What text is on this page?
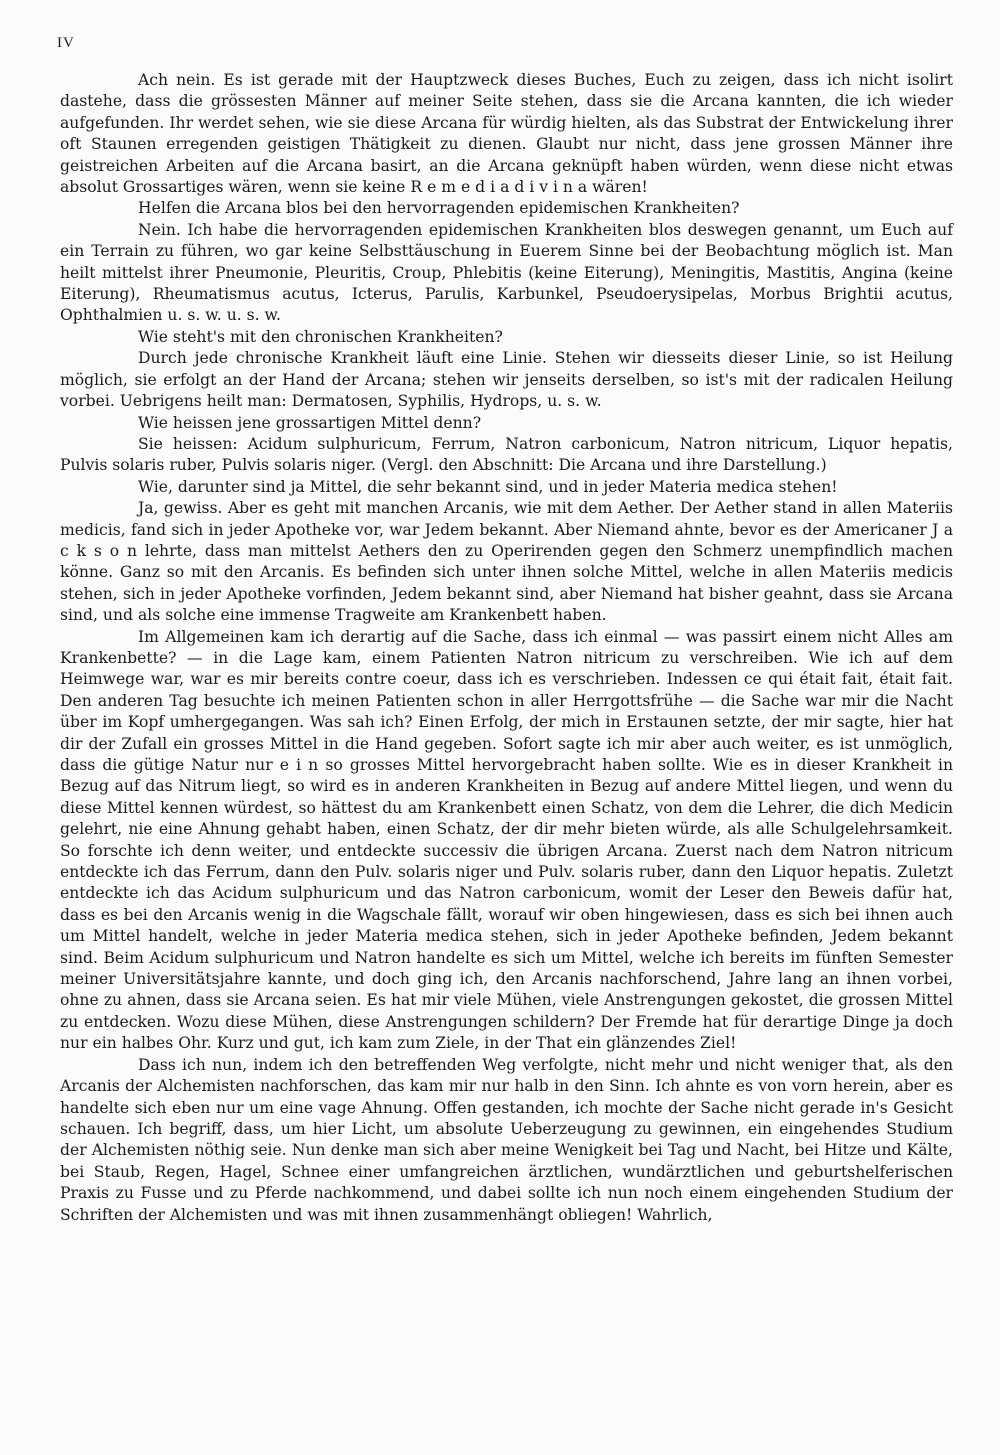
IV

Ach nein. Es ist gerade mit der Hauptzweck dieses Buches, Euch zu zeigen, dass ich nicht isolirt dastehe, dass die grössesten Männer auf meiner Seite stehen, dass sie die Arcana kannten, die ich wieder aufgefunden. Ihr werdet sehen, wie sie diese Arcana für würdig hielten, als das Substrat der Entwickelung ihrer oft Staunen erregenden geistigen Thätigkeit zu dienen. Glaubt nur nicht, dass jene grossen Männer ihre geistreichen Arbeiten auf die Arcana basirt, an die Arcana geknüpft haben würden, wenn diese nicht etwas absolut Grossartiges wären, wenn sie keine R e m e d i a d i v i n a wären!

Helfen die Arcana blos bei den hervorragenden epidemischen Krankheiten?

Nein. Ich habe die hervorragenden epidemischen Krankheiten blos deswegen genannt, um Euch auf ein Terrain zu führen, wo gar keine Selbsttäuschung in Euerem Sinne bei der Beobachtung möglich ist. Man heilt mittelst ihrer Pneumonie, Pleuritis, Croup, Phlebitis (keine Eiterung), Meningitis, Mastitis, Angina (keine Eiterung), Rheumatismus acutus, Icterus, Parulis, Karbunkel, Pseudoerysipelas, Morbus Brightii acutus, Ophthalmien u. s. w. u. s. w.

Wie steht's mit den chronischen Krankheiten?

Durch jede chronische Krankheit läuft eine Linie. Stehen wir diesseits dieser Linie, so ist Heilung möglich, sie erfolgt an der Hand der Arcana; stehen wir jenseits derselben, so ist's mit der radicalen Heilung vorbei. Uebrigens heilt man: Dermatosen, Syphilis, Hydrops, u. s. w.

Wie heissen jene grossartigen Mittel denn?

Sie heissen: Acidum sulphuricum, Ferrum, Natron carbonicum, Natron nitricum, Liquor hepatis, Pulvis solaris ruber, Pulvis solaris niger. (Vergl. den Abschnitt: Die Arcana und ihre Darstellung.)

Wie, darunter sind ja Mittel, die sehr bekannt sind, und in jeder Materia medica stehen!

Ja, gewiss. Aber es geht mit manchen Arcanis, wie mit dem Aether. Der Aether stand in allen Materiis medicis, fand sich in jeder Apotheke vor, war Jedem bekannt. Aber Niemand ahnte, bevor es der Americaner J a c k s o n lehrte, dass man mittelst Aethers den zu Operirenden gegen den Schmerz unempfindlich machen könne. Ganz so mit den Arcanis. Es befinden sich unter ihnen solche Mittel, welche in allen Materiis medicis stehen, sich in jeder Apotheke vorfinden, Jedem bekannt sind, aber Niemand hat bisher geahnt, dass sie Arcana sind, und als solche eine immense Tragweite am Krankenbett haben.

Im Allgemeinen kam ich derartig auf die Sache, dass ich einmal — was passirt einem nicht Alles am Krankenbette? — in die Lage kam, einem Patienten Natron nitricum zu verschreiben. Wie ich auf dem Heimwege war, war es mir bereits contre coeur, dass ich es verschrieben. Indessen ce qui était fait, était fait. Den anderen Tag besuchte ich meinen Patienten schon in aller Herrgottsfrühe — die Sache war mir die Nacht über im Kopf umhergegangen. Was sah ich? Einen Erfolg, der mich in Erstaunen setzte, der mir sagte, hier hat dir der Zufall ein grosses Mittel in die Hand gegeben. Sofort sagte ich mir aber auch weiter, es ist unmöglich, dass die gütige Natur nur e i n so grosses Mittel hervorgebracht haben sollte. Wie es in dieser Krankheit in Bezug auf das Nitrum liegt, so wird es in anderen Krankheiten in Bezug auf andere Mittel liegen, und wenn du diese Mittel kennen würdest, so hättest du am Krankenbett einen Schatz, von dem die Lehrer, die dich Medicin gelehrt, nie eine Ahnung gehabt haben, einen Schatz, der dir mehr bieten würde, als alle Schulgelehrsamkeit. So forschte ich denn weiter, und entdeckte successiv die übrigen Arcana. Zuerst nach dem Natron nitricum entdeckte ich das Ferrum, dann den Pulv. solaris niger und Pulv. solaris ruber, dann den Liquor hepatis. Zuletzt entdeckte ich das Acidum sulphuricum und das Natron carbonicum, womit der Leser den Beweis dafür hat, dass es bei den Arcanis wenig in die Wagschale fällt, worauf wir oben hingewiesen, dass es sich bei ihnen auch um Mittel handelt, welche in jeder Materia medica stehen, sich in jeder Apotheke befinden, Jedem bekannt sind. Beim Acidum sulphuricum und Natron handelte es sich um Mittel, welche ich bereits im fünften Semester meiner Universitätsjahre kannte, und doch ging ich, den Arcanis nachforschend, Jahre lang an ihnen vorbei, ohne zu ahnen, dass sie Arcana seien. Es hat mir viele Mühen, viele Anstrengungen gekostet, die grossen Mittel zu entdecken. Wozu diese Mühen, diese Anstrengungen schildern? Der Fremde hat für derartige Dinge ja doch nur ein halbes Ohr. Kurz und gut, ich kam zum Ziele, in der That ein glänzendes Ziel!

Dass ich nun, indem ich den betreffenden Weg verfolgte, nicht mehr und nicht weniger that, als den Arcanis der Alchemisten nachforschen, das kam mir nur halb in den Sinn. Ich ahnte es von vorn herein, aber es handelte sich eben nur um eine vage Ahnung. Offen gestanden, ich mochte der Sache nicht gerade in's Gesicht schauen. Ich begriff, dass, um hier Licht, um absolute Ueberzeugung zu gewinnen, ein eingehendes Studium der Alchemisten nöthig seie. Nun denke man sich aber meine Wenigkeit bei Tag und Nacht, bei Hitze und Kälte, bei Staub, Regen, Hagel, Schnee einer umfangreichen ärztlichen, wundärztlichen und geburtshelferischen Praxis zu Fusse und zu Pferde nachkommend, und dabei sollte ich nun noch einem eingehenden Studium der Schriften der Alchemisten und was mit ihnen zusammenhängt obliegen! Wahrlich,
